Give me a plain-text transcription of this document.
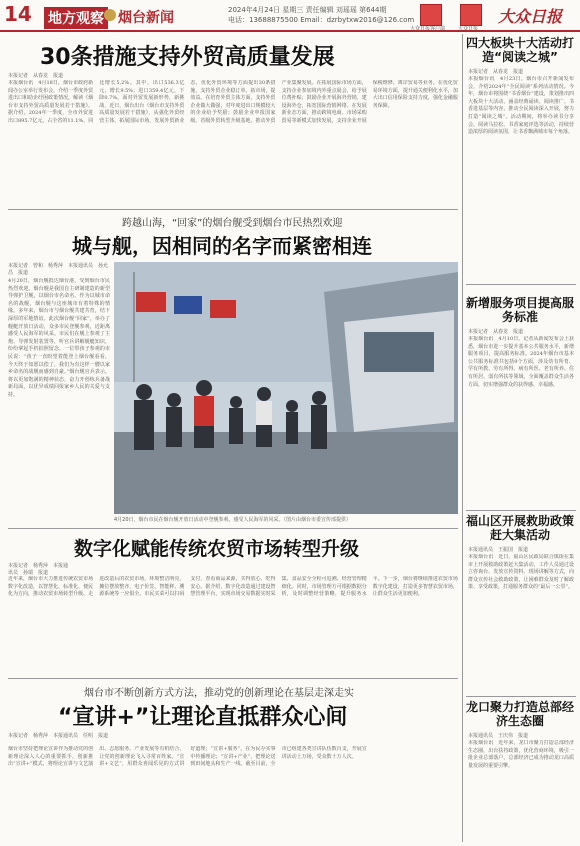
14 地方观察 烟台新闻	2024年4月24日 星期三 责任编辑 刘瑶瑶 第644期
电话：13688875500 Email：dzrbytxw2016@126.com
大众日报客户端	大众日报
大众日报
30条措施支持外贸高质量发展
本报记者　从春龙　报道
本报烟台讯　4月18日，烟台市政府新闻办公室举行发布会，介绍一季度外贸进出口和助企纾困政策情况，解读《烟台市支持外贸高质量发展若干措施》。据介绍，2024年一季度，全市外贸进出口895.7亿元，占全省的11.1%，同比增长5.2%。其中，出口536.3亿元，增长9.5%；进口359.4亿元，下降0.7%。面对外贸发展新形势，新挑战，近日，烟台出台《烟台市支持外贸高质量发展若干措施》，从强化外贸经营主体，拓展国际市场，发展外贸新业态，优化外贸环境等方面提出30条措施，支持外贸企业稳订单，拓市场，提效益。在培育外贸主体方面，支持外贸企业做大做强，对年度进出口规模较大的企业给予奖励；鼓励企业申报国家级、省级外贸转型升级基地，推动外贸产业集聚发展。在拓展国际市场方面，支持企业参加境内外重点展会，给予展位费补贴；鼓励企业开展海外营销，建设海外仓，拓宽国际营销网络。在发展新业态方面，推动跨境电商、市场采购贸易等新模式加快发展，支持企业开展保税维修、离岸贸易等业务。在优化贸易环境方面，提升通关便利化水平，加大出口信用保险支持力度，强化金融服务保障。
跨越山海，“回家”的烟台舰受到烟台市民热烈欢迎
城与舰，因相同的名字而紧密相连
本报记者　曾和　杨秀萍　本报通讯员　孙允昌　报道
4月20日，烟台舰抵达烟台港，受到烟台市民热烈欢迎。烟台舰是我国自主研制建造的新型导弹护卫舰，以烟台市名命名。作为以城市命名的战舰，烟台舰与这座城市有着特殊的情缘。多年来，烟台市与烟台舰共建共育，结下深厚的军地情谊。此次烟台舰“回家”，举办了舰艇开放日活动，众多市民登舰参观，近距离感受人民海军的风采。市民们在舰上参观了主炮、导弹发射装置等，听官兵讲解舰艇知识，纷纷拿起手机拍照留念。一位带孩子参观的市民说：“孩子一直盼望着能登上烟台舰看看，今天终于如愿以偿了，我们为有这样一艘以家乡命名的战舰而感到自豪。”烟台舰官兵表示，将以更加饱满的精神状态，奋力开创练兵备战新局面，以优异成绩回报家乡人民的关爱与支持。
4月20日，烟台市民在烟台舰开放日活动中登舰参观，感受人民海军的风采。（图片由烟台市委宣传部提供）
数字化赋能传统农贸市场转型升级
本报记者　杨秀萍　本报通讯员　孙瑞　报道
近年来，烟台市大力推进传统农贸市场数字化改造，以智慧化、标准化、便民化为方向，推动农贸市场转型升级。走进改造后的农贸市场，环境整洁明亮，摊位摆放整齐，电子价签、智能秤、溯源系统等一应俱全。市民买菜可以扫码支付，查看商品来源，买得放心、吃得安心。据介绍，数字化改造通过建设智慧管理平台，实现市场交易数据实时采集、食品安全全程可追溯、经营管理精细化。同时，市场管理方可根据数据分析，及时调整经营策略，提升服务水平。下一步，烟台将继续推进农贸市场数字化建设，打造更多智慧农贸市场，让群众生活更加便利。
烟台市不断创新方式方法，推动党的创新理论在基层走深走实
“宣讲+”让理论直抵群众心间
本报记者　杨秀萍　本报通讯员　任明　报道
烟台市坚持把理论宣讲作为推动党的创新理论深入人心的重要抓手，创新推出“宣讲+”模式，将理论宣讲与文艺演出、志愿服务、产业发展等有机结合，让党的创新理论飞入寻常百姓家。“宣讲+文艺”，用群众喜闻乐见的方式讲好道理；“宣讲+服务”，在为民办实事中传播理论；“宣讲+产业”，把理论送到田间地头和生产一线。截至目前，全市已组建各类宣讲队伍数百支，开展宣讲活动上万场，受众数十万人次。
四大板块十大活动打造“阅读之城”
本报记者　从春龙　报道
本报烟台讯　4月23日，烟台市召开新闻发布会，介绍2024年“全民阅读”系列活动情况。今年，烟台市将围绕“书香烟台”建设，策划推出四大板块十大活动，涵盖经典诵读、阅读推广、书香进基层等内容，推动全民阅读深入开展，努力打造“阅读之城”。活动期间，将举办读书分享会、阅读马拉松、书香家庭评选等活动，持续营造浓厚的阅读氛围，让书香飘满城市每个角落。
新增服务项目提高服务标准
本报记者　从春龙　报道
本报烟台讯　4月10日，记者从新闻发布会上获悉，烟台市进一步提升基本公共服务水平，新增服务项目，提高服务标准。2024年烟台市基本公共服务标准共包括9个方面，涉及幼有所育、学有所教、劳有所得、病有所医、老有所养、住有所居、弱有所扶等领域，全面覆盖群众生活各方面，切实增强群众的获得感、幸福感。
福山区开展救助政策赶大集活动
本报通讯员　王振国　报道
本报烟台讯　近日，福山区民政局联合镇街在集市上开展救助政策赶大集活动，工作人员通过设立咨询台、发放宣传资料、现场讲解等方式，向群众宣传社会救助政策，让困难群众及时了解政策、享受政策，打通服务群众的“最后一公里”。
龙口聚力打造总部经济生态圈
本报通讯员　王庆伟　报道
本报烟台讯　近年来，龙口市聚力打造总部经济生态圈，出台扶持政策，优化营商环境，吸引一批企业总部落户，总部经济已成为推动龙口高质量发展的重要引擎。
